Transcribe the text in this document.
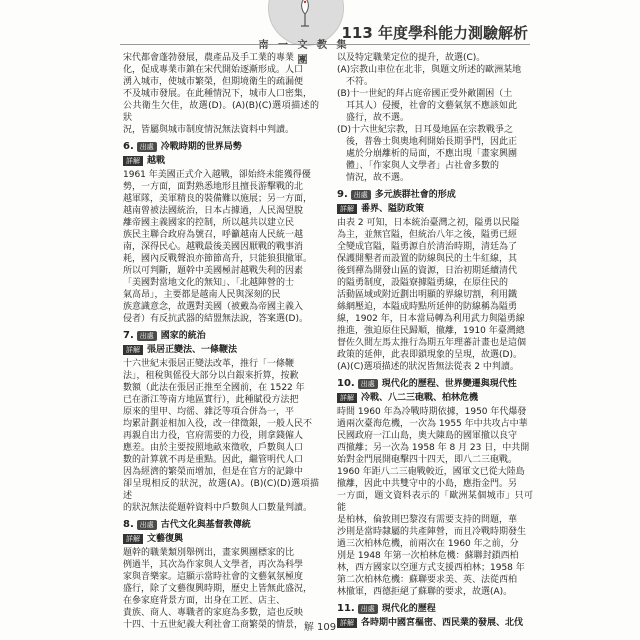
南 一 文 教 集 團
113 年度學科能力測驗解析

宋代都會蓬勃發展，農產品及手工業的專業

化，促成專業市鎮在宋代開始逐漸形成。人口

湧入城市，使城市繁榮，但期境衛生的疏漏便

不及城市發展。在此種情況下，城市人口密集，

公共衛生欠佳，故選(D)。(A)(B)(C)選項描述的狀

況，皆屬與城市制度情況無法資料中判讀。

6. 出處 冷戰時期的世界局勢
詳解 越戰

1961 年美國正式介入越戰，卻始終未能獲得優

勢，一方面，面對熟悉地形且擅長游擊戰的北

越軍隊，美軍精良的裝備難以施展；另一方面，

越南曾被法國統治，日本占據過，人民渴望脫

離帝國主義國家的控制，所以越共以建立民

族民主聯合政府為號召，呼籲越南人民統一越

南，深得民心。越戰最後美國因厭戰的戰事消

耗，國內反戰聲浪亦節節高升，只能狼狽撤軍。

所以可判斷，題幹中美國極討越戰失利的因素

「美國對當地文化的無知」、「北越陣營的士

氣高昂」，主要都是越南人民與深刻的民

族意識意念，故選對美國（被戴為帝國主義入

侵者）有反抗武器的結盟無法說，答案選(D)。

7. 出處 國家的統治
詳解 張居正變法、一條鞭法

十六世紀末張居正變法改革，推行「一條鞭

法」，租稅與傜役大部分以白銀來折算，按歉

數額（此法在張居正推至全國前，在 1522 年

已在浙江等南方地區實行），此種賦役方法把

原來的里甲、均徭、雜泛等項合併為一，平

均累計劃並相加入役，改一律徵銀，一般人民不

再親自出力役，官府需要的力役，則拿錢僱人

應差。由於主要按照地畝來徵收，戶數與人口

數的計算就不再是重點。因此，繼管明代人口

因為經濟的繁榮而增加，但是在官方的記錄中

卻呈現相反的狀況，故選(A)。(B)(C)(D)選項描述

的狀況無法從題幹資料中戶數與人口數量判讀。

8. 出處 古代文化與基督教傳統
詳解 文藝復興

題幹的職業類別舉例出，畫家興團標家的比

例過半，其次為作家與人文學者，再次為科學

家與音樂家。這顯示當時社會的文藝氣氛極度

盛行，除了文藝復興時期，歷史上皆無此盛況，

在參家庭背景方面，出身在工匠、店主、

貴族、商人、專職者的家庭為多數，這也反映

十四、十五世紀義大利社會工商繁榮的情景，

以及特定職業定位的提升，故選(C)。

(A)宗教山車位在北非，與題文所述的歐洲某地

　不符。

(B)十一世紀的拜占庭帝國正受外敵圍困（土

　耳其人）侵擾，社會的文藝氣氛不應該如此

　盛行，故不選。

(D)十六世紀宗教，日耳曼地區在宗教戰爭之

　後，普魯士與奧地利開始長期爭門，因此正

　處於分崩離析的局面，不應出現「畫家興團

　體」、「作家與人文學者」占社會多數的

　情況，故不選。

9. 出處 多元族群社會的形成
詳解 番界、隘防政策

由表 2 可知，日本統治臺灣之初，隘勇以民隘

為主，並無官隘，但統治八年之後，隘勇已經

全變成官隘，隘勇源自於清治時期，清廷為了

保護開墾者而設置的防線與民的土牛紅線，其

後到禪為開發山區的資源，日治初期延續清代

的隘勇制度，設隘寮據隘勇線，在原住民的

活動區域或附近劃出明顯的界線切割，利用鐵

絲網壓迫，本隘成時點所延伸的防線稱為隘勇

線，1902 年，日本當局轉為利用武力與隘勇線

推進，強迫原住民歸順，撤離，1910 年臺灣總

督佐久間左馬太推行為期五年理蕃計畫也是這個

政策的延伸，此表即鎖現象的呈現，故選(D)。

(A)(C)選項描述的狀況皆無法從表 2 中判讀。

10. 出處 現代化的歷程、世界變遷與現代性
詳解 冷戰、八二三砲戰、柏林危機

時間 1960 年為冷戰時期依據，1950 年代爆發

過兩次臺海危機，一次為 1955 年中共攻占中華

民國政府一江山島，奧大陳島的國軍撤以良守

西撤離；另一次為 1958 年 8 月 23 日，中共開

始對金門展開砲擊四十四天，即八二三砲戰。

1960 年距八二三砲戰較近，國軍文已從大陸島

撤離，因此中共雙守中的小島，應指金門。另

一方面，題文資料表示的「歐洲某個城市」只可能

是柏林，倫敦則巴黎沒有需要支持的問題，華

沙則是當時隸屬的共產陣營，而且冷戰時期發生

過三次柏林危機，前兩次在 1960 年之前，分

別是 1948 年第一次柏林危機：蘇聯封鎖西柏

林，西方國家以空運方式支援西柏林；1958 年

第二次柏林危機：蘇聯要求美、英、法從西柏

林撤軍，西德拒絕了蘇聯的要求，故選(A)。

11. 出處 現代化的歷程
詳解 各時期中國宮樞密、西民業的發展、北伐
解 109
